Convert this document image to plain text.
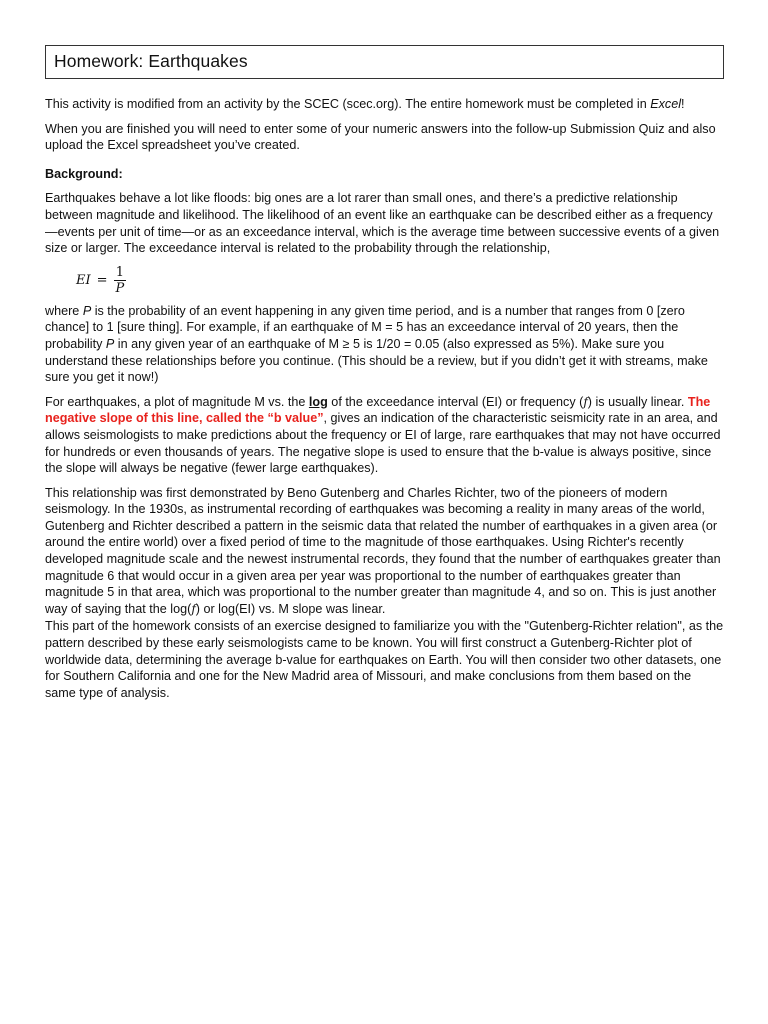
Homework: Earthquakes

This activity is modified from an activity by the SCEC (scec.org). The entire homework must be completed in Excel!

When you are finished you will need to enter some of your numeric answers into the follow-up Submission Quiz and also upload the Excel spreadsheet you’ve created.

Background:

Earthquakes behave a lot like floods: big ones are a lot rarer than small ones, and there’s a predictive relationship between magnitude and likelihood. The likelihood of an event like an earthquake can be described either as a frequency—events per unit of time—or as an exceedance interval, which is the average time between successive events of a given size or larger. The exceedance interval is related to the probability through the relationship,

EI = $\frac{1}{P}$

where P is the probability of an event happening in any given time period, and is a number that ranges from 0 [zero chance] to 1 [sure thing]. For example, if an earthquake of M = 5 has an exceedance interval of 20 years, then the probability P in any given year of an earthquake of M ≥ 5 is 1/20 = 0.05 (also expressed as 5%). Make sure you understand these relationships before you continue. (This should be a review, but if you didn’t get it with streams, make sure you get it now!)

For earthquakes, a plot of magnitude M vs. the log of the exceedance interval (EI) or frequency (f) is usually linear. The negative slope of this line, called the “b value”, gives an indication of the characteristic seismicity rate in an area, and allows seismologists to make predictions about the frequency or EI of large, rare earthquakes that may not have occurred for hundreds or even thousands of years. The negative slope is used to ensure that the b-value is always positive, since the slope will always be negative (fewer large earthquakes).

This relationship was first demonstrated by Beno Gutenberg and Charles Richter, two of the pioneers of modern seismology. In the 1930s, as instrumental recording of earthquakes was becoming a reality in many areas of the world, Gutenberg and Richter described a pattern in the seismic data that related the number of earthquakes in a given area (or around the entire world) over a fixed period of time to the magnitude of those earthquakes. Using Richter's recently developed magnitude scale and the newest instrumental records, they found that the number of earthquakes greater than magnitude 6 that would occur in a given area per year was proportional to the number of earthquakes greater than magnitude 5 in that area, which was proportional to the number greater than magnitude 4, and so on. This is just another way of saying that the log(f) or log(EI) vs. M slope was linear.

This part of the homework consists of an exercise designed to familiarize you with the "Gutenberg-Richter relation", as the pattern described by these early seismologists came to be known. You will first construct a Gutenberg-Richter plot of worldwide data, determining the average b-value for earthquakes on Earth. You will then consider two other datasets, one for Southern California and one for the New Madrid area of Missouri, and make conclusions from them based on the same type of analysis.
